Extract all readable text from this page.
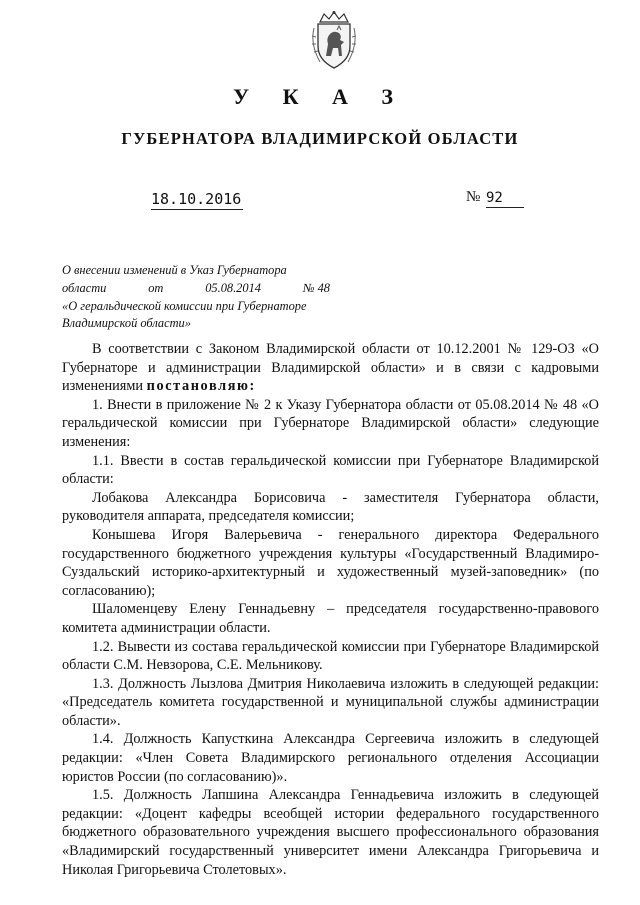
У К А З
ГУБЕРНАТОРА ВЛАДИМИРСКОЙ ОБЛАСТИ
18.10.2016	№ 92
О внесении изменений в Указ Губернатора
области	от	05.08.2014	№ 48
«О геральдической комиссии при Губернаторе
Владимирской области»

В соответствии с Законом Владимирской области от 10.12.2001 № 129-ОЗ «О Губернаторе и администрации Владимирской области» и в связи с кадровыми изменениями постановляю:

1. Внести в приложение № 2 к Указу Губернатора области от 05.08.2014 № 48 «О геральдической комиссии при Губернаторе Владимирской области» следующие изменения:

1.1. Ввести в состав геральдической комиссии при Губернаторе Владимирской области:

Лобакова Александра Борисовича - заместителя Губернатора области, руководителя аппарата, председателя комиссии;

Конышева Игоря Валерьевича - генерального директора Федерального государственного бюджетного учреждения культуры «Государственный Владимиро-Суздальский историко-архитектурный и художественный музей-заповедник» (по согласованию);

Шаломенцеву Елену Геннадьевну – председателя государственно-правового комитета администрации области.

1.2. Вывести из состава геральдической комиссии при Губернаторе Владимирской области С.М. Невзорова, С.Е. Мельникову.

1.3. Должность Лызлова Дмитрия Николаевича изложить в следующей редакции: «Председатель комитета государственной и муниципальной службы администрации области».

1.4. Должность Капусткина Александра Сергеевича изложить в следующей редакции: «Член Совета Владимирского регионального отделения Ассоциации юристов России (по согласованию)».

1.5. Должность Лапшина Александра Геннадьевича изложить в следующей редакции: «Доцент кафедры всеобщей истории федерального государственного бюджетного образовательного учреждения высшего профессионального образования «Владимирский государственный университет имени Александра Григорьевича и Николая Григорьевича Столетовых».
